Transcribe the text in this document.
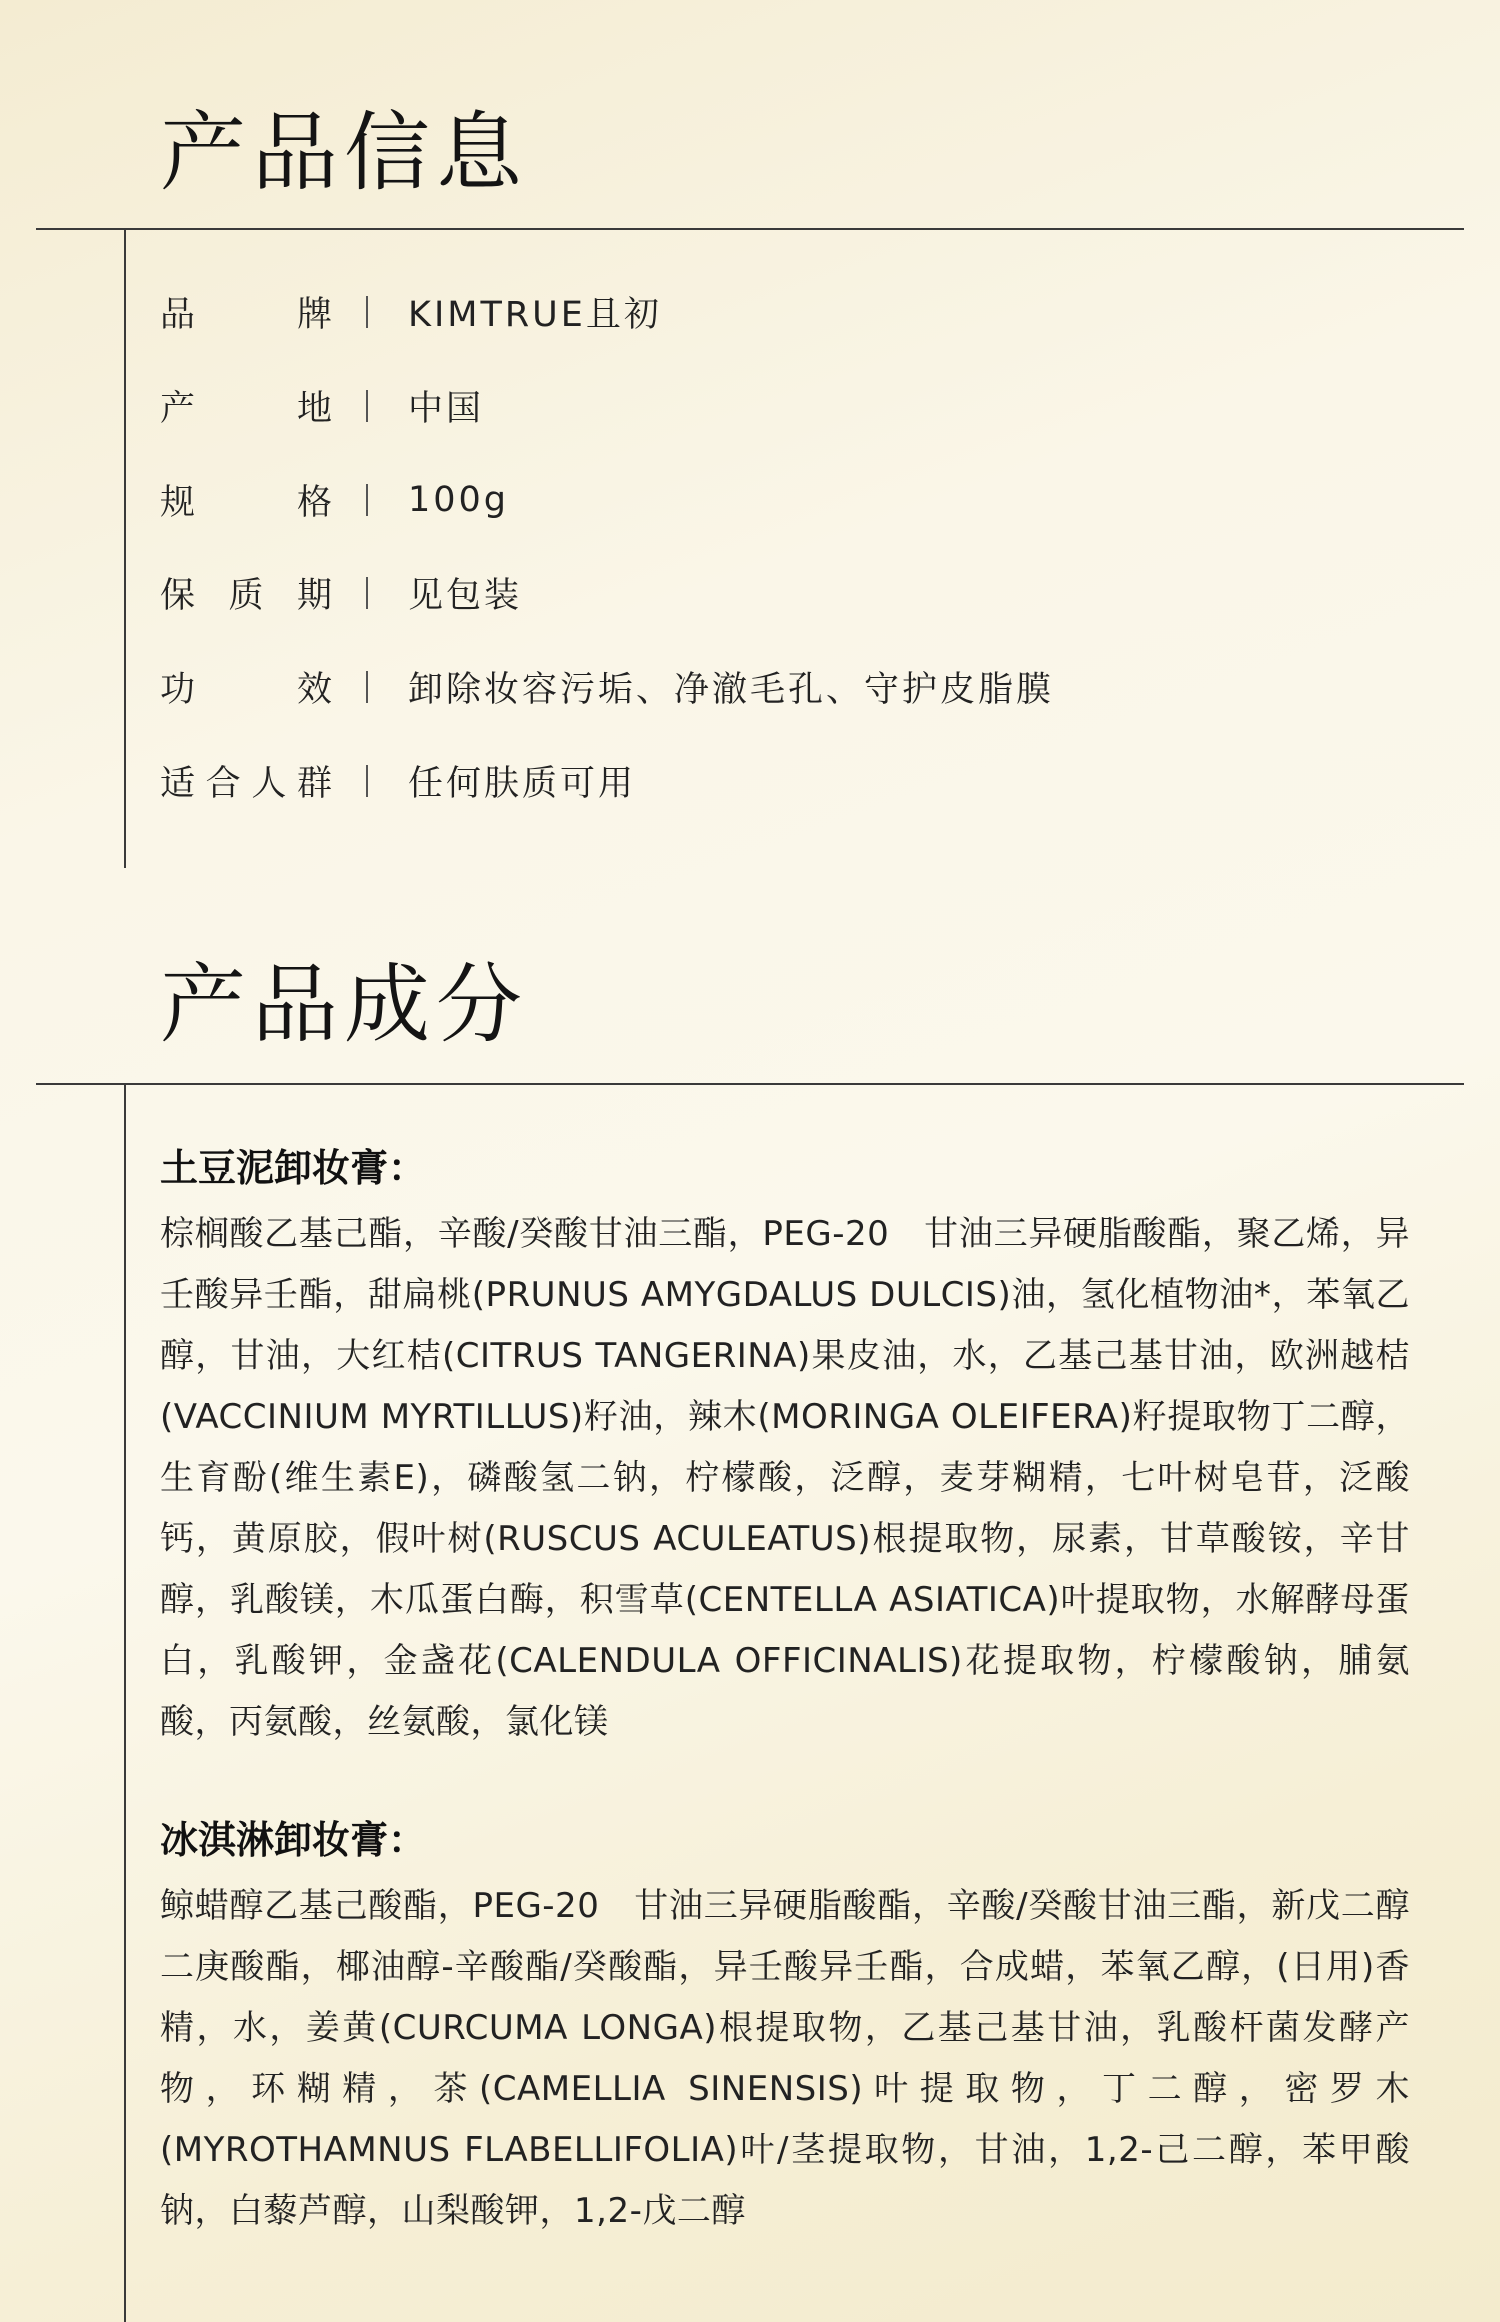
产品信息
品	牌 KIMTRUE且初
产	地 中国
规	格 100g
保 质 期 见包装
功	效 卸除妆容污垢、净澈毛孔、守护皮脂膜
适 合 人 群 任何肤质可用
产品成分
土豆泥卸妆膏：

棕榈酸乙基己酯，辛酸/癸酸甘油三酯，PEG-20　甘油三异硬脂酸酯，聚乙烯，异壬酸异壬酯，甜扁桃(PRUNUS AMYGDALUS DULCIS)油，氢化植物油*，苯氧乙醇，甘油，大红桔(CITRUS TANGERINA)果皮油，水，乙基己基甘油，欧洲越桔(VACCINIUM MYRTILLUS)籽油，辣木(MORINGA OLEIFERA)籽提取物丁二醇，生育酚(维生素E)，磷酸氢二钠，柠檬酸，泛醇，麦芽糊精，七叶树皂苷，泛酸钙，黄原胶，假叶树(RUSCUS ACULEATUS)根提取物，尿素，甘草酸铵，辛甘醇，乳酸镁，木瓜蛋白酶，积雪草(CENTELLA ASIATICA)叶提取物，水解酵母蛋白，乳酸钾，金盏花(CALENDULA OFFICINALIS)花提取物，柠檬酸钠，脯氨酸，丙氨酸，丝氨酸，氯化镁

冰淇淋卸妆膏：

鲸蜡醇乙基己酸酯，PEG-20　甘油三异硬脂酸酯，辛酸/癸酸甘油三酯，新戊二醇二庚酸酯，椰油醇-辛酸酯/癸酸酯，异壬酸异壬酯，合成蜡，苯氧乙醇，(日用)香精，水，姜黄(CURCUMA LONGA)根提取物，乙基己基甘油，乳酸杆菌发酵产物，环糊精，茶(CAMELLIA SINENSIS)叶提取物，丁二醇，密罗木(MYROTHAMNUS FLABELLIFOLIA)叶/茎提取物，甘油，1,2-己二醇，苯甲酸钠，白藜芦醇，山梨酸钾，1,2-戊二醇
